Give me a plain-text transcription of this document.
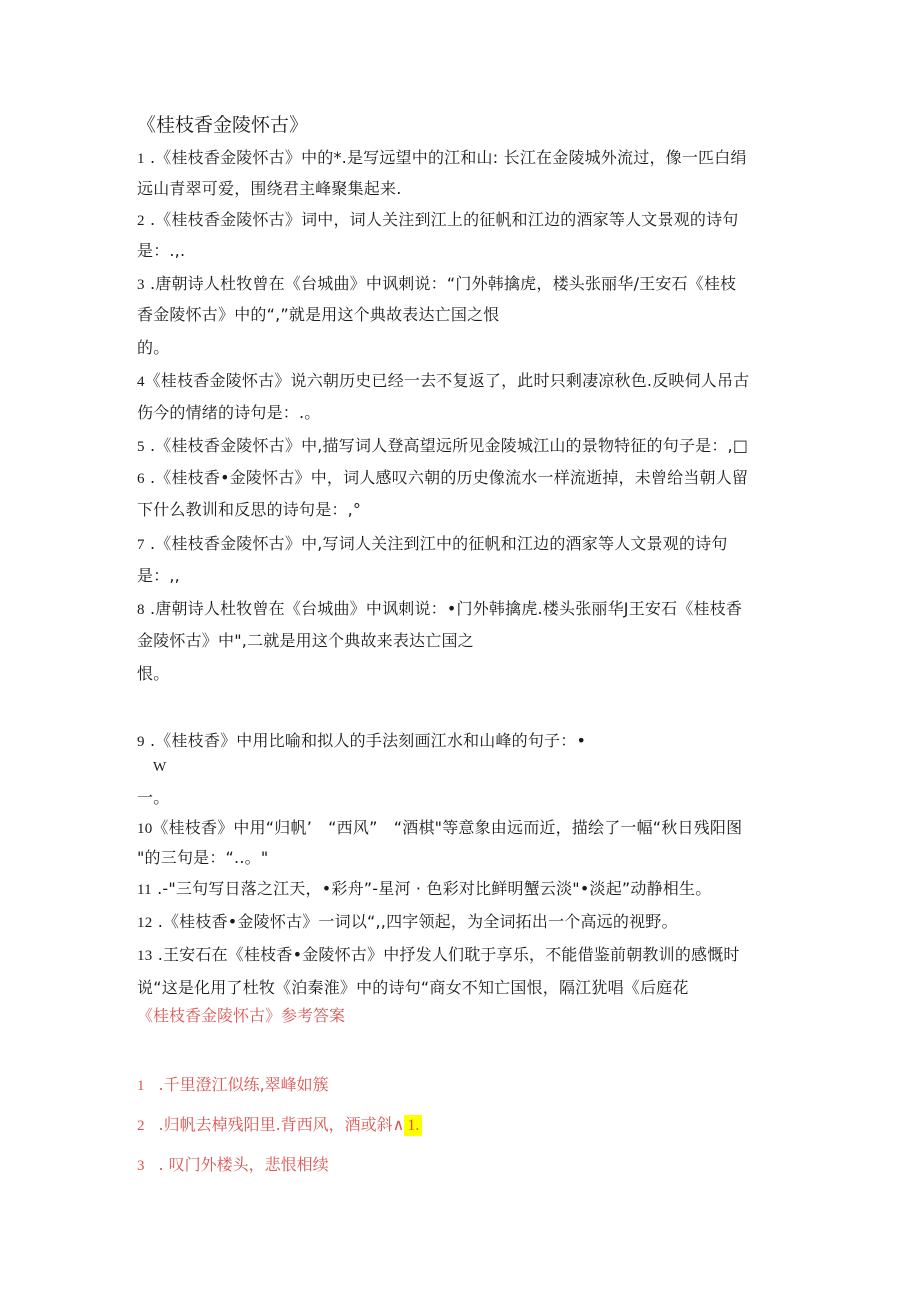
《桂枝香金陵怀古》
1 .《桂枝香金陵怀古》中的*.是写远望中的江和山: 长江在金陵城外流过，像一匹白绢
远山青翠可爱，围绕君主峰聚集起来.
2 .《桂枝香金陵怀古》词中，词人关注到江上的征帆和江边的酒家等人文景观的诗句
是：.,.
3 .唐朝诗人杜牧曾在《台城曲》中讽刺说：“门外韩擒虎，楼头张丽华/王安石《桂枝
香金陵怀古》中的“,”就是用这个典故表达亡国之恨
的。
4《桂枝香金陵怀古》说六朝历史已经一去不复返了，此时只剩凄凉秋色.反映伺人吊古
伤今的情绪的诗句是：.。
5 .《桂枝香金陵怀古》中,描写词人登高望远所见金陵城江山的景物特征的句子是：,□
6 .《桂枝香•金陵怀古》中，词人感叹六朝的历史像流水一样流逝掉，未曾给当朝人留
下什么教训和反思的诗句是：,°
7 .《桂枝香金陵怀古》中,写词人关注到江中的征帆和江边的酒家等人文景观的诗句
是：,,
8 .唐朝诗人杜牧曾在《台城曲》中讽刺说：•门外韩擒虎.楼头张丽华J王安石《桂枝香
金陵怀古》中",二就是用这个典故来表达亡国之
恨。
9 .《桂枝香》中用比喻和拟人的手法刻画江水和山峰的句子：•
W
一。
10《桂枝香》中用“归帆’　“西风”　“酒棋"等意象由远而近，描绘了一幅“秋日残阳图
"的三句是：“..。"
11 .-"三句写日落之江天，•彩舟”-星河 · 色彩对比鲜明蟹云淡"•淡起”动静相生。
12 .《桂枝香•金陵怀古》一词以“,,四字领起，为全词拓出一个高远的视野。
13 .王安石在《桂枝香•金陵怀古》中抒发人们耽于享乐，不能借鉴前朝教训的感慨时
说“这是化用了杜牧《泊秦淮》中的诗句“商女不知亡国恨，隔江犹唱《后庭花
《桂枝香金陵怀古》参考答案
1 .千里澄江似练,翠峰如簇
2 .归帆去棹残阳里.背西风，酒或斜∧ 1.
3 . 叹门外楼头，悲恨相续
